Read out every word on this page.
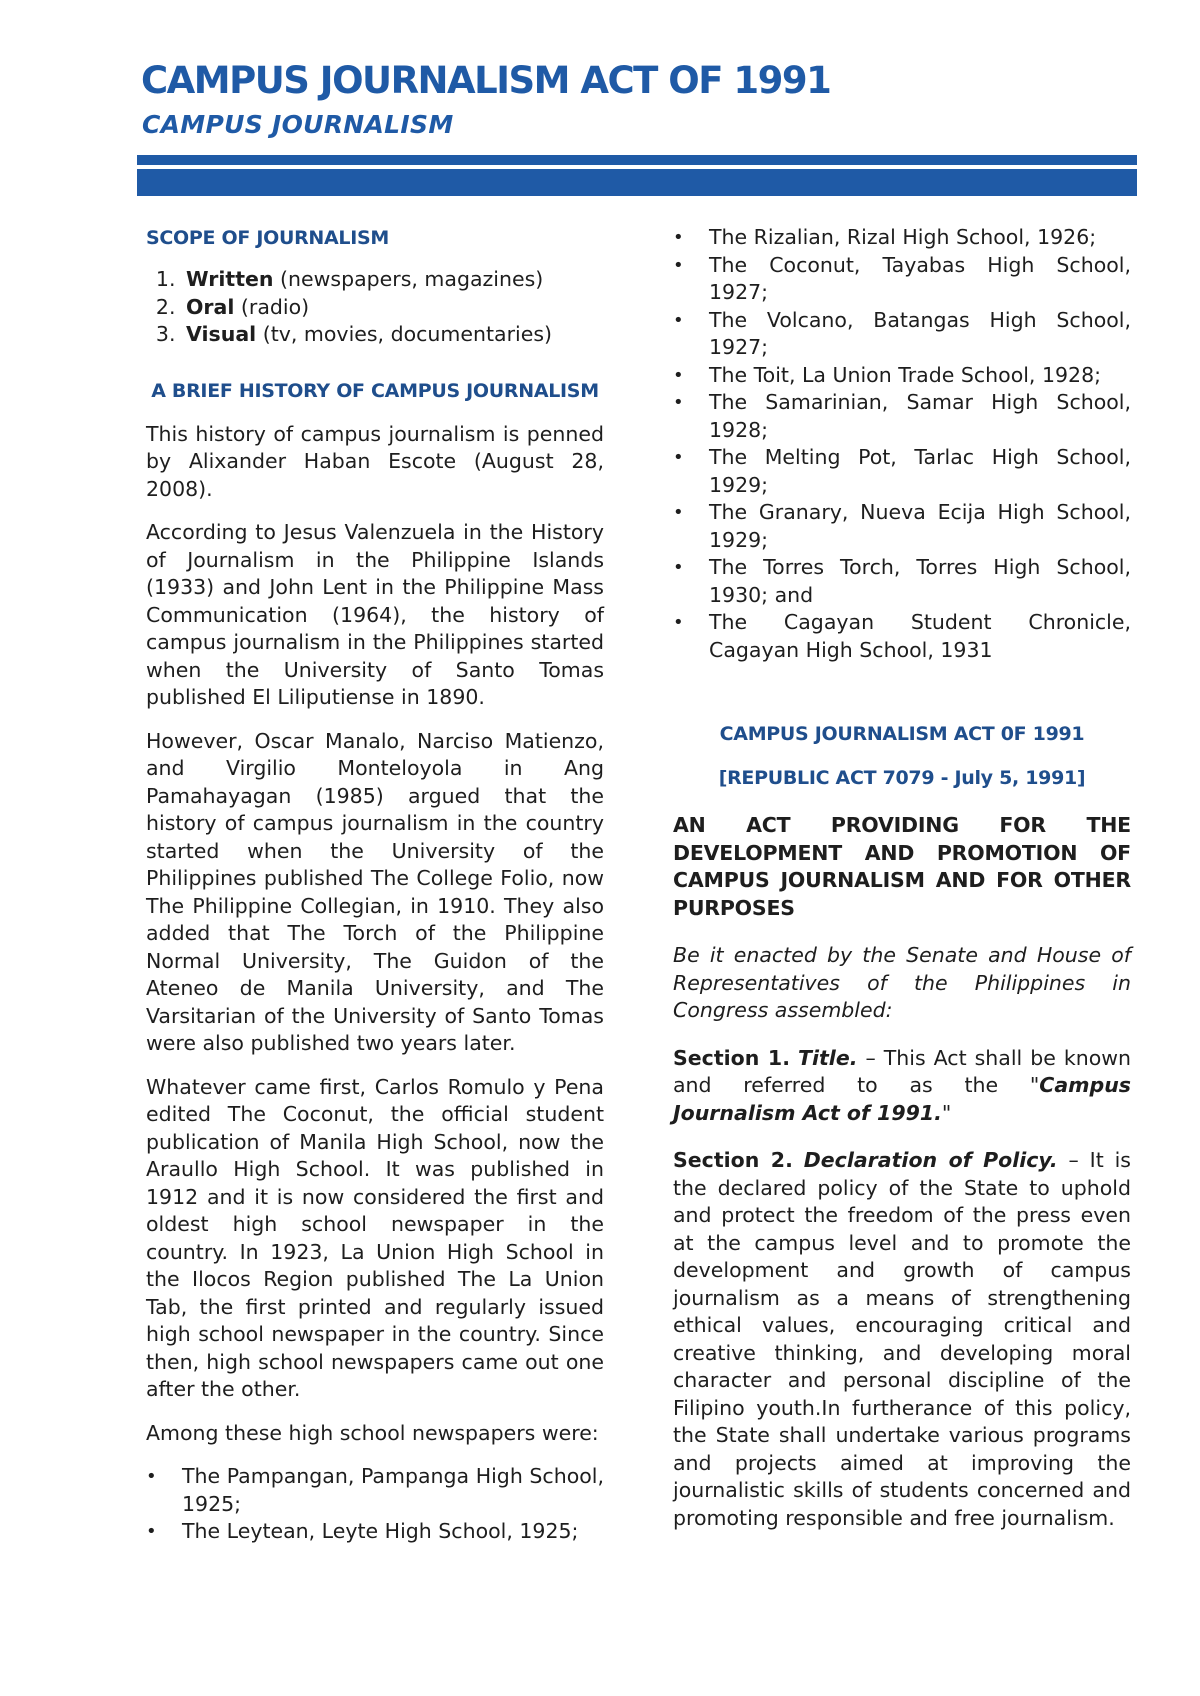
CAMPUS JOURNALISM ACT OF 1991
CAMPUS JOURNALISM

SCOPE OF JOURNALISM

1. Written (newspapers, magazines)
2. Oral (radio)
3. Visual (tv, movies, documentaries)

A BRIEF HISTORY OF CAMPUS JOURNALISM

This history of campus journalism is penned by Alixander Haban Escote (August 28, 2008).

According to Jesus Valenzuela in the History of Journalism in the Philippine Islands (1933) and John Lent in the Philippine Mass Communication (1964), the history of campus journalism in the Philippines started when the University of Santo Tomas published El Liliputiense in 1890.

However, Oscar Manalo, Narciso Matienzo, and Virgilio Monteloyola in Ang Pamahayagan (1985) argued that the history of campus journalism in the country started when the University of the Philippines published The College Folio, now The Philippine Collegian, in 1910. They also added that The Torch of the Philippine Normal University, The Guidon of the Ateneo de Manila University, and The Varsitarian of the University of Santo Tomas were also published two years later.

Whatever came first, Carlos Romulo y Pena edited The Coconut, the official student publication of Manila High School, now the Araullo High School. It was published in 1912 and it is now considered the first and oldest high school newspaper in the country. In 1923, La Union High School in the Ilocos Region published The La Union Tab, the first printed and regularly issued high school newspaper in the country. Since then, high school newspapers came out one after the other.

Among these high school newspapers were:

• The Pampangan, Pampanga High School, 1925;
• The Leytean, Leyte High School, 1925;
• The Rizalian, Rizal High School, 1926;
• The Coconut, Tayabas High School, 1927;
• The Volcano, Batangas High School, 1927;
• The Toit, La Union Trade School, 1928;
• The Samarinian, Samar High School, 1928;
• The Melting Pot, Tarlac High School, 1929;
• The Granary, Nueva Ecija High School, 1929;
• The Torres Torch, Torres High School, 1930; and
• The Cagayan Student Chronicle, Cagayan High School, 1931

CAMPUS JOURNALISM ACT 0F 1991

[REPUBLIC ACT 7079 - July 5, 1991]

AN ACT PROVIDING FOR THE DEVELOPMENT AND PROMOTION OF CAMPUS JOURNALISM AND FOR OTHER PURPOSES

Be it enacted by the Senate and House of Representatives of the Philippines in Congress assembled:

Section 1. Title. – This Act shall be known and referred to as the "Campus Journalism Act of 1991."

Section 2. Declaration of Policy. – It is the declared policy of the State to uphold and protect the freedom of the press even at the campus level and to promote the development and growth of campus journalism as a means of strengthening ethical values, encouraging critical and creative thinking, and developing moral character and personal discipline of the Filipino youth.In furtherance of this policy, the State shall undertake various programs and projects aimed at improving the journalistic skills of students concerned and promoting responsible and free journalism.
